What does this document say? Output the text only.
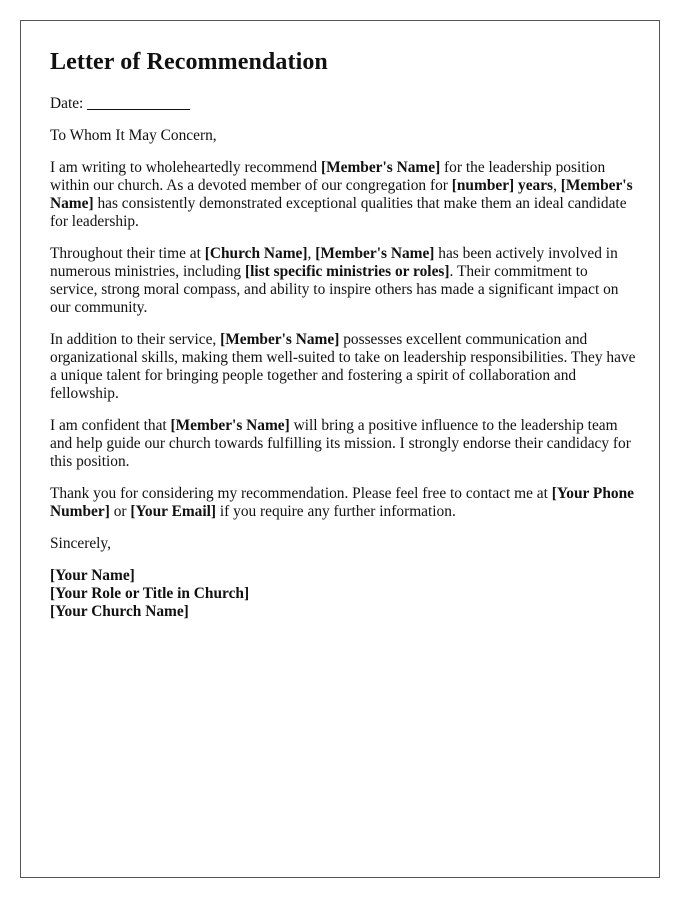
Letter of Recommendation

Date:

To Whom It May Concern,

I am writing to wholeheartedly recommend [Member's Name] for the leadership position within our church. As a devoted member of our congregation for [number] years, [Member's Name] has consistently demonstrated exceptional qualities that make them an ideal candidate for leadership.

Throughout their time at [Church Name], [Member's Name] has been actively involved in numerous ministries, including [list specific ministries or roles]. Their commitment to service, strong moral compass, and ability to inspire others has made a significant impact on our community.

In addition to their service, [Member's Name] possesses excellent communication and organizational skills, making them well-suited to take on leadership responsibilities. They have a unique talent for bringing people together and fostering a spirit of collaboration and fellowship.

I am confident that [Member's Name] will bring a positive influence to the leadership team and help guide our church towards fulfilling its mission. I strongly endorse their candidacy for this position.

Thank you for considering my recommendation. Please feel free to contact me at [Your Phone Number] or [Your Email] if you require any further information.

Sincerely,

[Your Name]

[Your Role or Title in Church]

[Your Church Name]
